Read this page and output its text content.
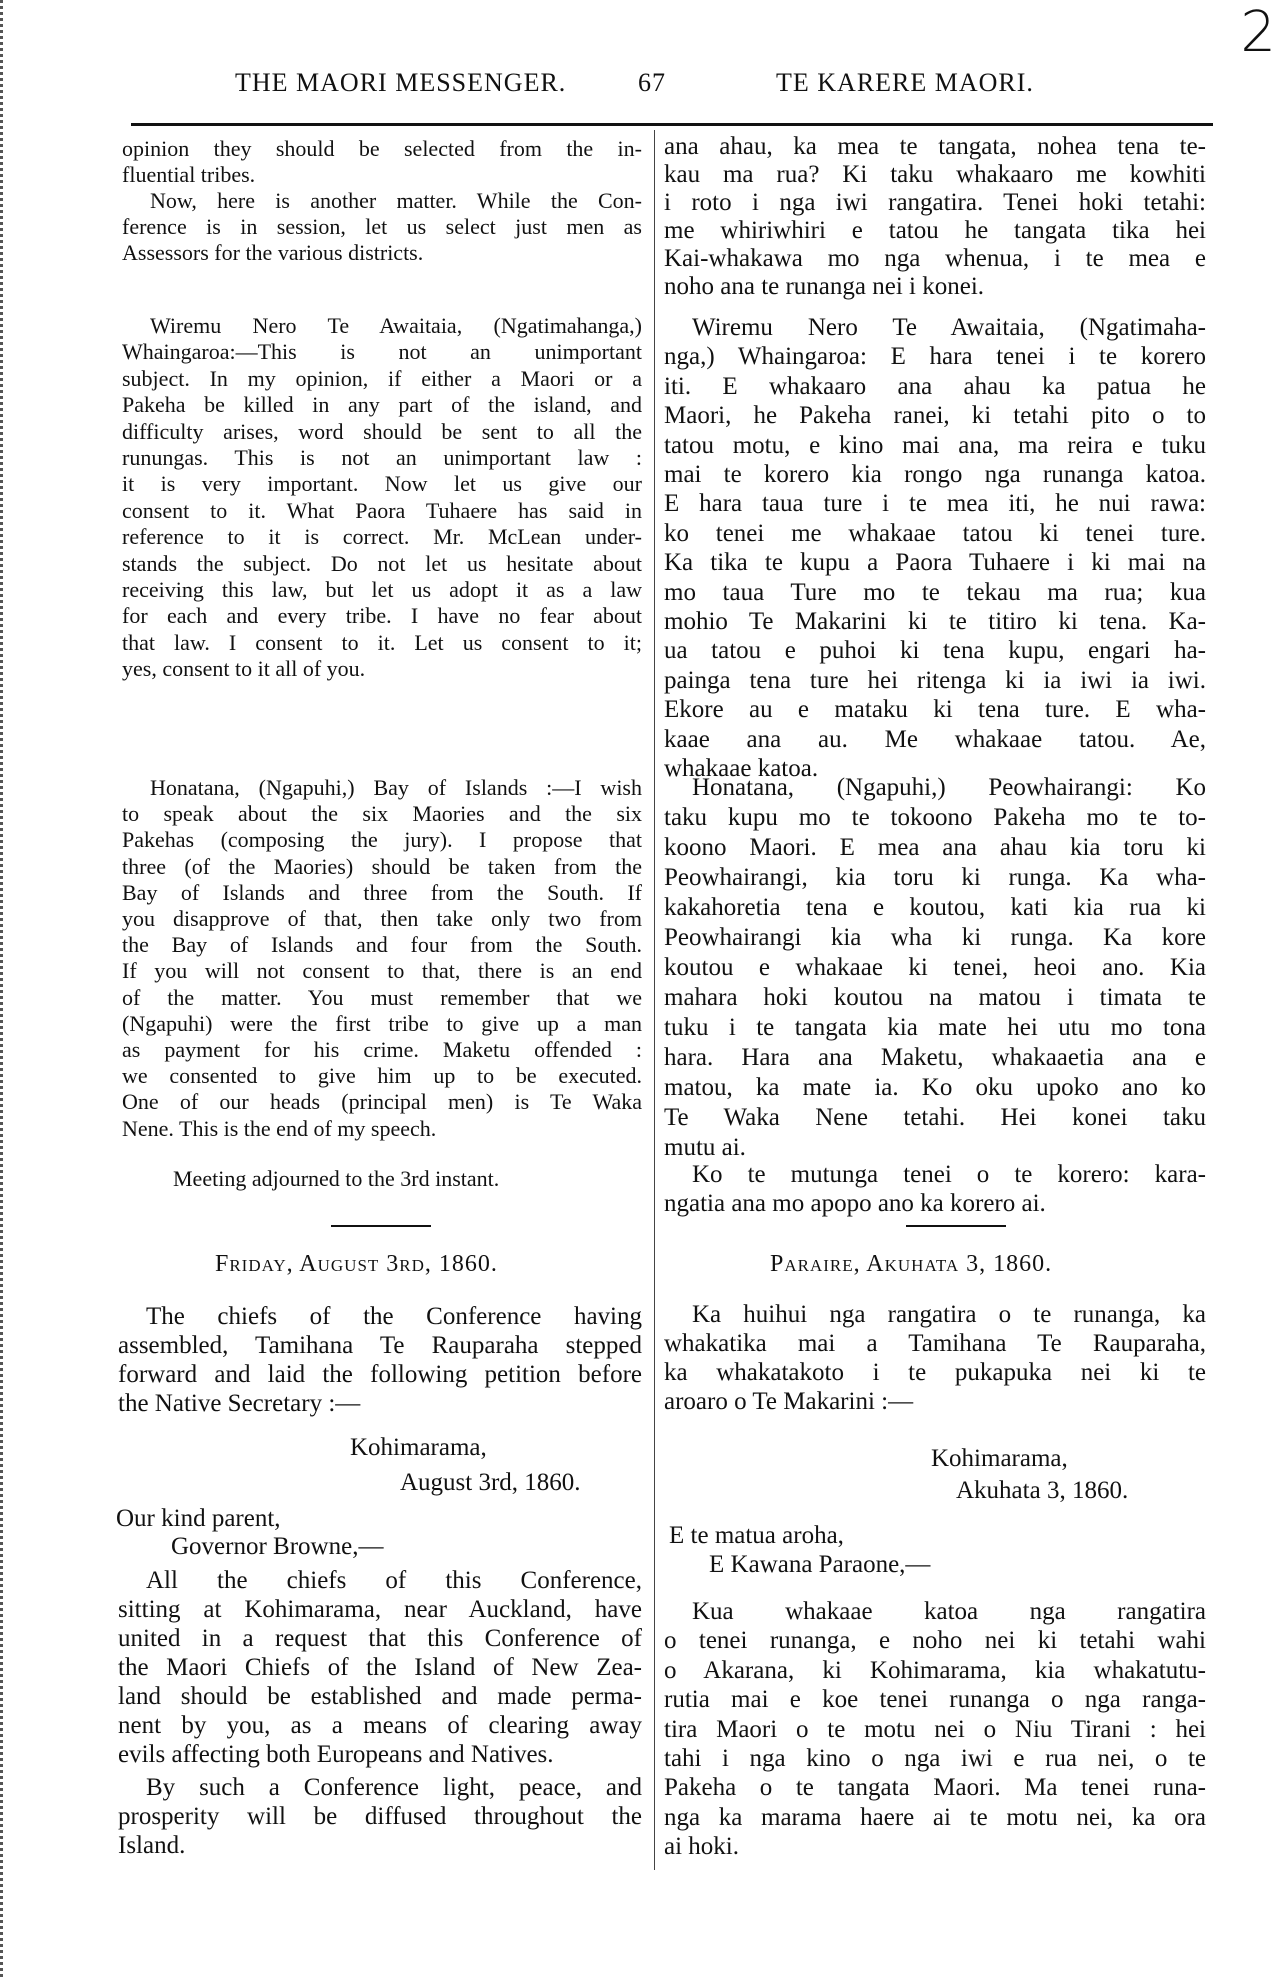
2
THE MAORI MESSENGER.	67	TE KARERE MAORI.
opinion they should be selected from the in-
fluential tribes.
Now, here is another matter. While the Con-
ference is in session, let us select just men as
Assessors for the various districts.
Wiremu Nero Te Awaitaia, (Ngatimahanga,)
Whaingaroa:—This is not an unimportant
subject. In my opinion, if either a Maori or a
Pakeha be killed in any part of the island, and
difficulty arises, word should be sent to all the
runungas. This is not an unimportant law :
it is very important. Now let us give our
consent to it. What Paora Tuhaere has said in
reference to it is correct. Mr. McLean under-
stands the subject. Do not let us hesitate about
receiving this law, but let us adopt it as a law
for each and every tribe. I have no fear about
that law. I consent to it. Let us consent to it;
yes, consent to it all of you.
Honatana, (Ngapuhi,) Bay of Islands :—I wish
to speak about the six Maories and the six
Pakehas (composing the jury). I propose that
three (of the Maories) should be taken from the
Bay of Islands and three from the South. If
you disapprove of that, then take only two from
the Bay of Islands and four from the South.
If you will not consent to that, there is an end
of the matter. You must remember that we
(Ngapuhi) were the first tribe to give up a man
as payment for his crime. Maketu offended :
we consented to give him up to be executed.
One of our heads (principal men) is Te Waka
Nene. This is the end of my speech.
Meeting adjourned to the 3rd instant.
Friday, August 3rd, 1860.
The chiefs of the Conference having
assembled, Tamihana Te Rauparaha stepped
forward and laid the following petition before
the Native Secretary :—
Kohimarama,
August 3rd, 1860.
Our kind parent,
Governor Browne,—
All the chiefs of this Conference,
sitting at Kohimarama, near Auckland, have
united in a request that this Conference of
the Maori Chiefs of the Island of New Zea-
land should be established and made perma-
nent by you, as a means of clearing away
evils affecting both Europeans and Natives.
By such a Conference light, peace, and
prosperity will be diffused throughout the
Island.
ana ahau, ka mea te tangata, nohea tena te-
kau ma rua? Ki taku whakaaro me kowhiti
i roto i nga iwi rangatira. Tenei hoki tetahi:
me whiriwhiri e tatou he tangata tika hei
Kai-whakawa mo nga whenua, i te mea e
noho ana te runanga nei i konei.
Wiremu Nero Te Awaitaia, (Ngatimaha-
nga,) Whaingaroa: E hara tenei i te korero
iti. E whakaaro ana ahau ka patua he
Maori, he Pakeha ranei, ki tetahi pito o to
tatou motu, e kino mai ana, ma reira e tuku
mai te korero kia rongo nga runanga katoa.
E hara taua ture i te mea iti, he nui rawa:
ko tenei me whakaae tatou ki tenei ture.
Ka tika te kupu a Paora Tuhaere i ki mai na
mo taua Ture mo te tekau ma rua; kua
mohio Te Makarini ki te titiro ki tena. Ka-
ua tatou e puhoi ki tena kupu, engari ha-
painga tena ture hei ritenga ki ia iwi ia iwi.
Ekore au e mataku ki tena ture. E wha-
kaae ana au. Me whakaae tatou. Ae,
whakaae katoa.
Honatana, (Ngapuhi,) Peowhairangi: Ko
taku kupu mo te tokoono Pakeha mo te to-
koono Maori. E mea ana ahau kia toru ki
Peowhairangi, kia toru ki runga. Ka wha-
kakahoretia tena e koutou, kati kia rua ki
Peowhairangi kia wha ki runga. Ka kore
koutou e whakaae ki tenei, heoi ano. Kia
mahara hoki koutou na matou i timata te
tuku i te tangata kia mate hei utu mo tona
hara. Hara ana Maketu, whakaaetia ana e
matou, ka mate ia. Ko oku upoko ano ko
Te Waka Nene tetahi. Hei konei taku
mutu ai.
Ko te mutunga tenei o te korero: kara-
ngatia ana mo apopo ano ka korero ai.
Paraire, Akuhata 3, 1860.
Ka huihui nga rangatira o te runanga, ka
whakatika mai a Tamihana Te Rauparaha,
ka whakatakoto i te pukapuka nei ki te
aroaro o Te Makarini :—
Kohimarama,
Akuhata 3, 1860.
E te matua aroha,
E Kawana Paraone,—
Kua whakaae katoa nga rangatira
o tenei runanga, e noho nei ki tetahi wahi
o Akarana, ki Kohimarama, kia whakatutu-
rutia mai e koe tenei runanga o nga ranga-
tira Maori o te motu nei o Niu Tirani : hei
tahi i nga kino o nga iwi e rua nei, o te
Pakeha o te tangata Maori. Ma tenei runa-
nga ka marama haere ai te motu nei, ka ora
ai hoki.
